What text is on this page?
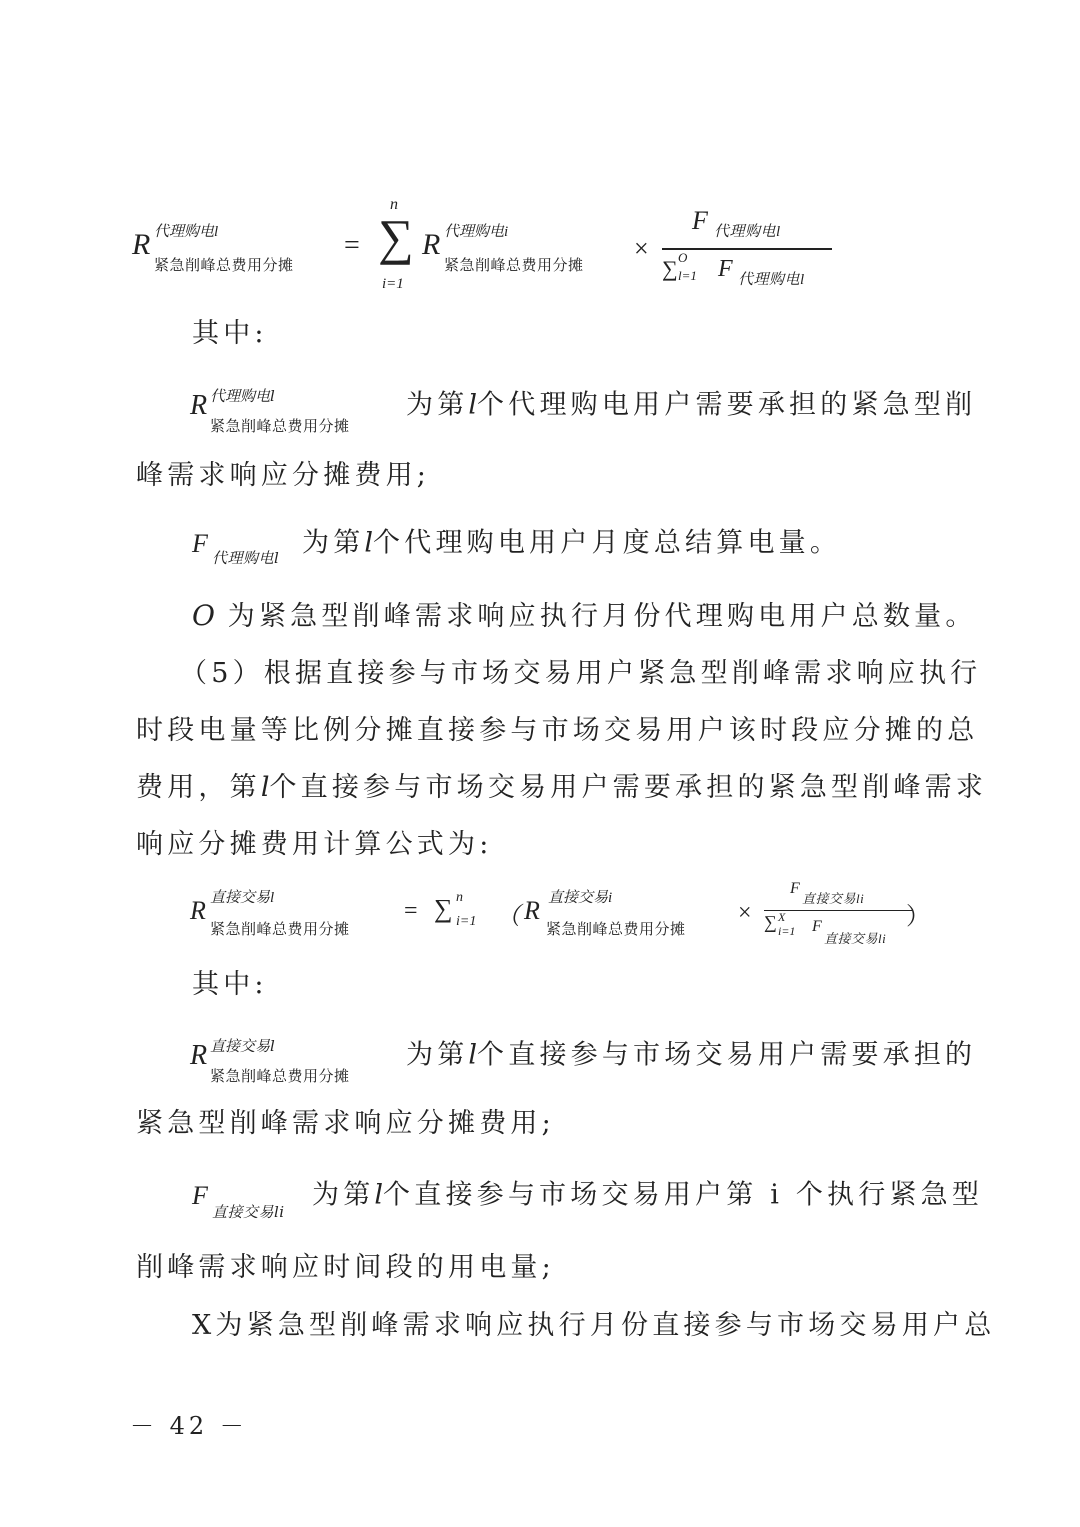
R 代理购电l
紧急削峰总费用分摊
=
n
∑
i=1
R 代理购电i
紧急削峰总费用分摊
×
F 代理购电l
∑ O
l=1 F 代理购电l
其中:
R
代理购电l
紧急削峰总费用分摊
为第l个代理购电用户需要承担的紧急型削
峰需求响应分摊费用;
F 代理购电l 为第l个代理购电用户月度总结算电量。
O 为紧急型削峰需求响应执行月份代理购电用户总数量。
（5）根据直接参与市场交易用户紧急型削峰需求响应执行
时段电量等比例分摊直接参与市场交易用户该时段应分摊的总
费用，第l个直接参与市场交易用户需要承担的紧急型削峰需求
响应分摊费用计算公式为:
R 直接交易l
紧急削峰总费用分摊
= ∑ n
i=1 （ R 直接交易i
紧急削峰总费用分摊
×
F
直接交易li
∑ X
i=1 F
直接交易li
）
其中:
R
直接交易l
紧急削峰总费用分摊
为第l个直接参与市场交易用户需要承担的
紧急型削峰需求响应分摊费用;
F
直接交易li
为第l个直接参与市场交易用户第 i 个执行紧急型
削峰需求响应时间段的用电量;
X为紧急型削峰需求响应执行月份直接参与市场交易用户总
－ 42 －
